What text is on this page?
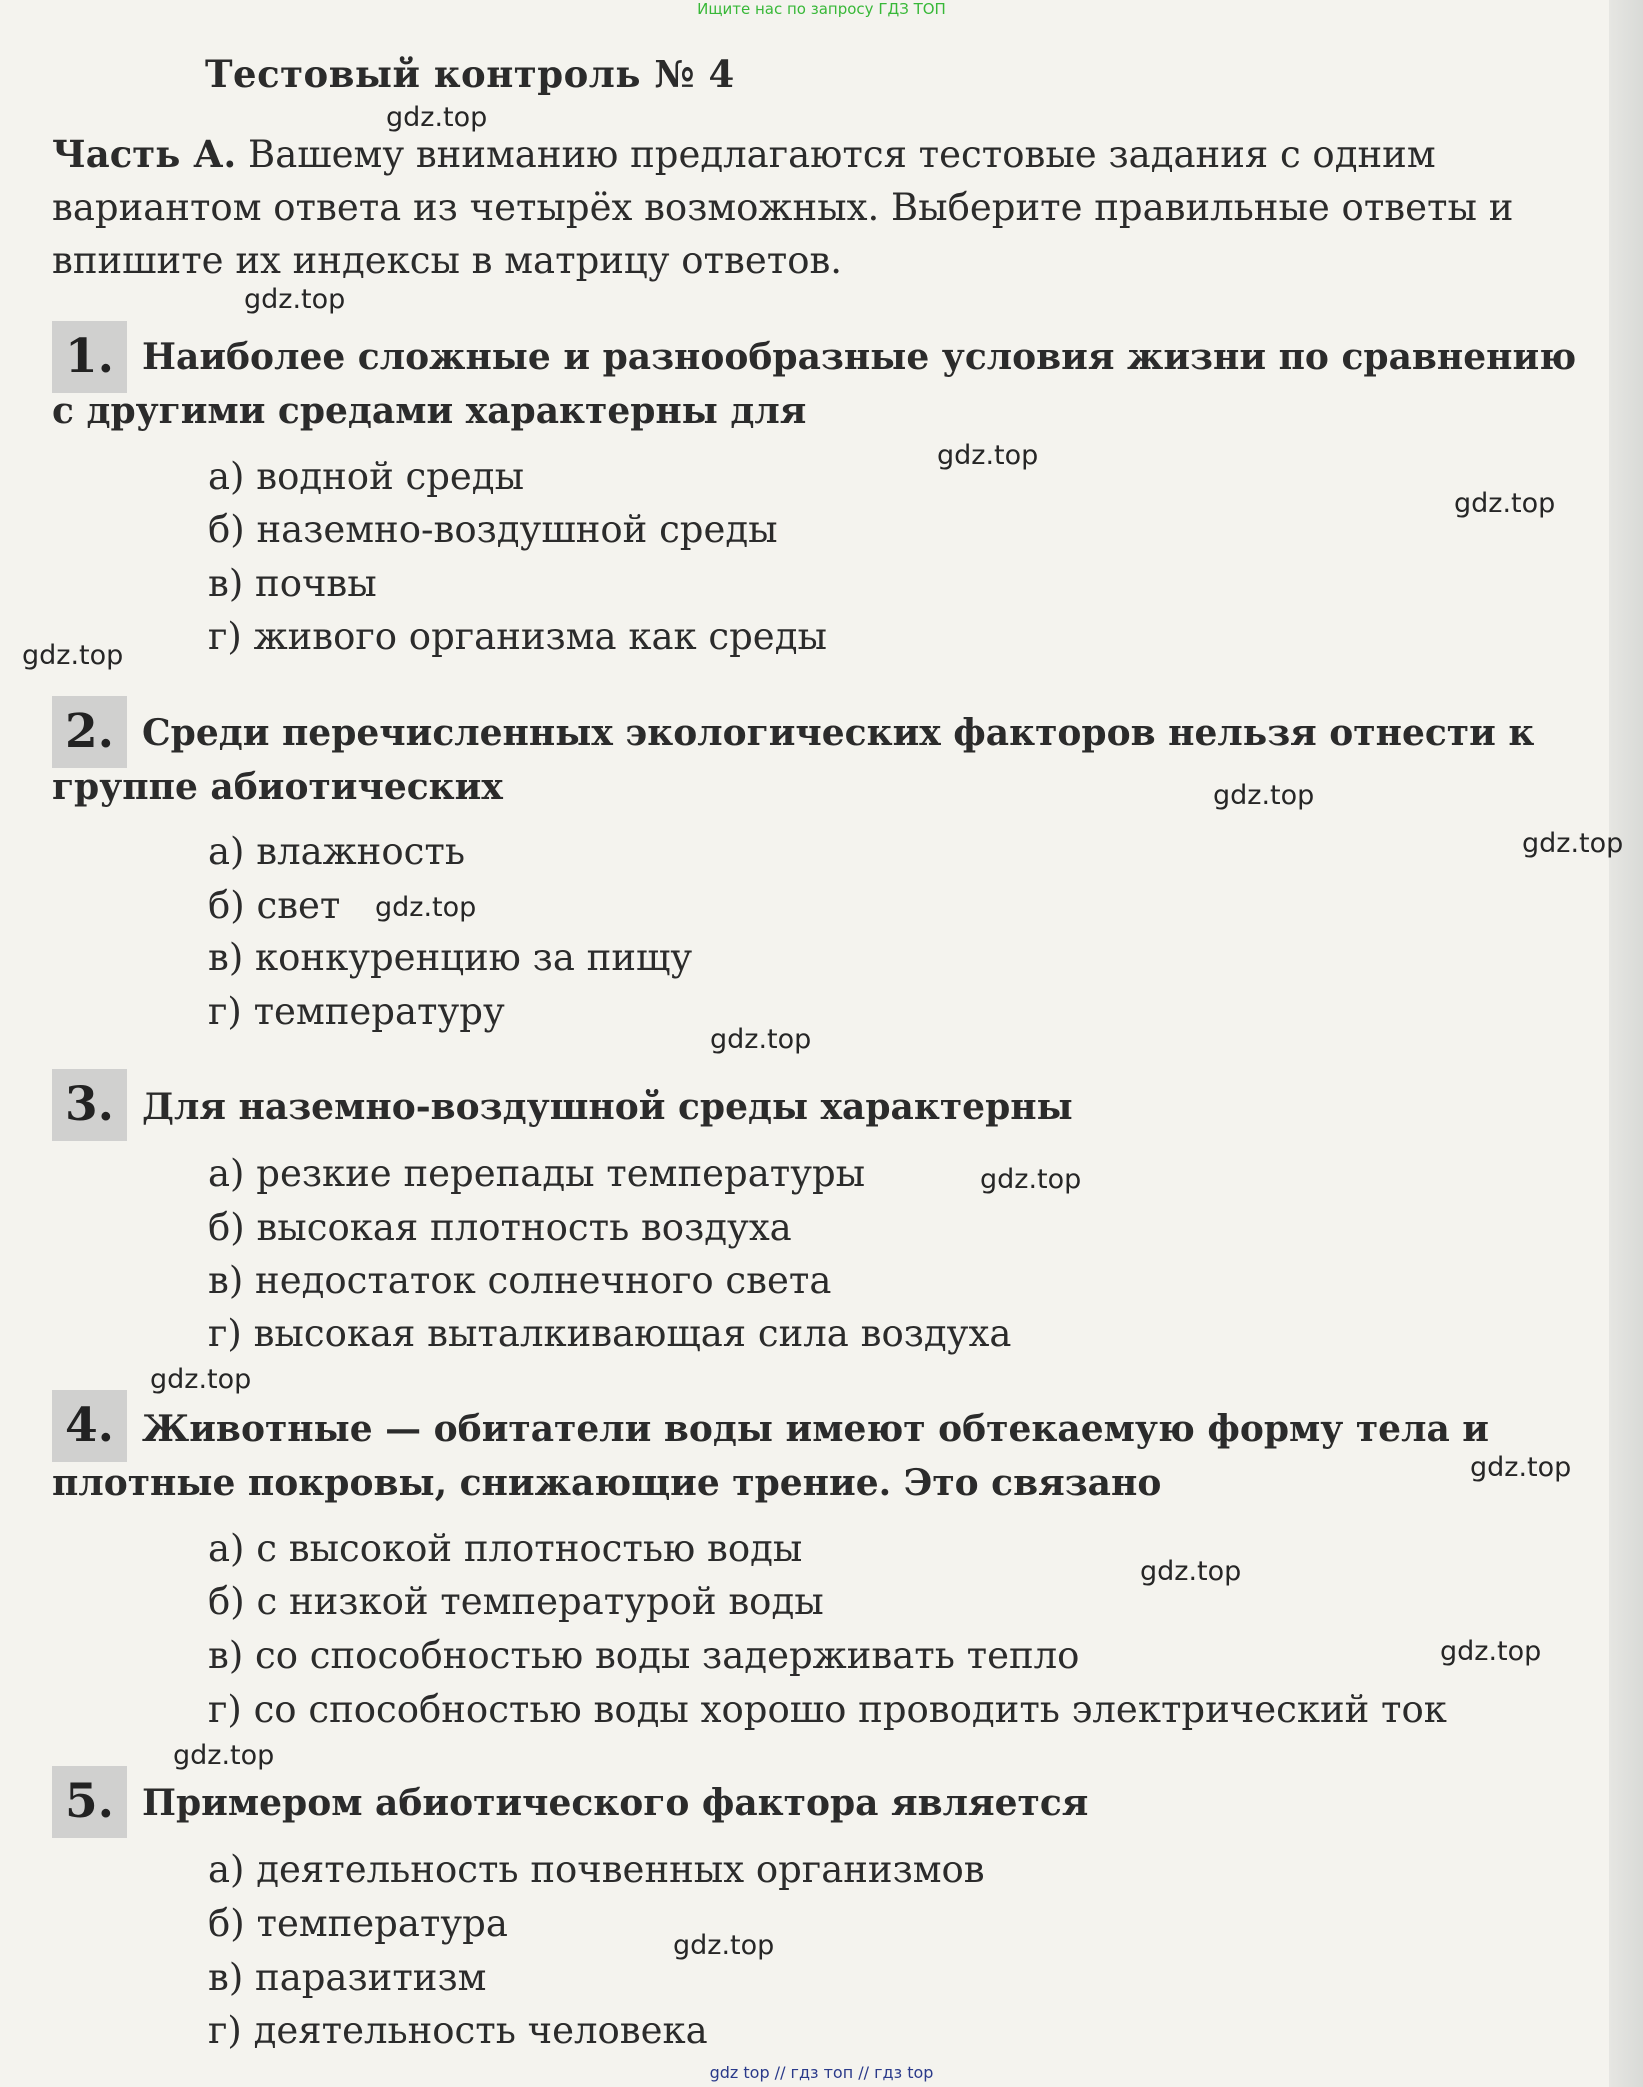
Ищите нас по запросу ГДЗ ТОП
Тестовый контроль № 4
Часть А. Вашему вниманию предлагаются тестовые задания с одним вариантом ответа из четырёх возможных. Выберите правильные ответы и впишите их индексы в матрицу ответов.
1. Наиболее сложные и разнообразные условия жизни по сравнению с другими средами характерны для
а) водной среды
б) наземно-воздушной среды
в) почвы
г) живого организма как среды
2. Среди перечисленных экологических факторов нельзя отнести к группе абиотических
а) влажность
б) свет
в) конкуренцию за пищу
г) температуру
3. Для наземно-воздушной среды характерны
а) резкие перепады температуры
б) высокая плотность воздуха
в) недостаток солнечного света
г) высокая выталкивающая сила воздуха
4. Животные — обитатели воды имеют обтекаемую форму тела и плотные покровы, снижающие трение. Это связано
а) с высокой плотностью воды
б) с низкой температурой воды
в) со способностью воды задерживать тепло
г) со способностью воды хорошо проводить электрический ток
5. Примером абиотического фактора является
а) деятельность почвенных организмов
б) температура
в) паразитизм
г) деятельность человека
gdz.top
gdz.top
gdz.top
gdz.top
gdz.top
gdz.top
gdz.top
gdz.top
gdz.top
gdz.top
gdz.top
gdz.top
gdz.top
gdz.top
gdz.top
gdz.top
gdz top // гдз топ // гдз top
